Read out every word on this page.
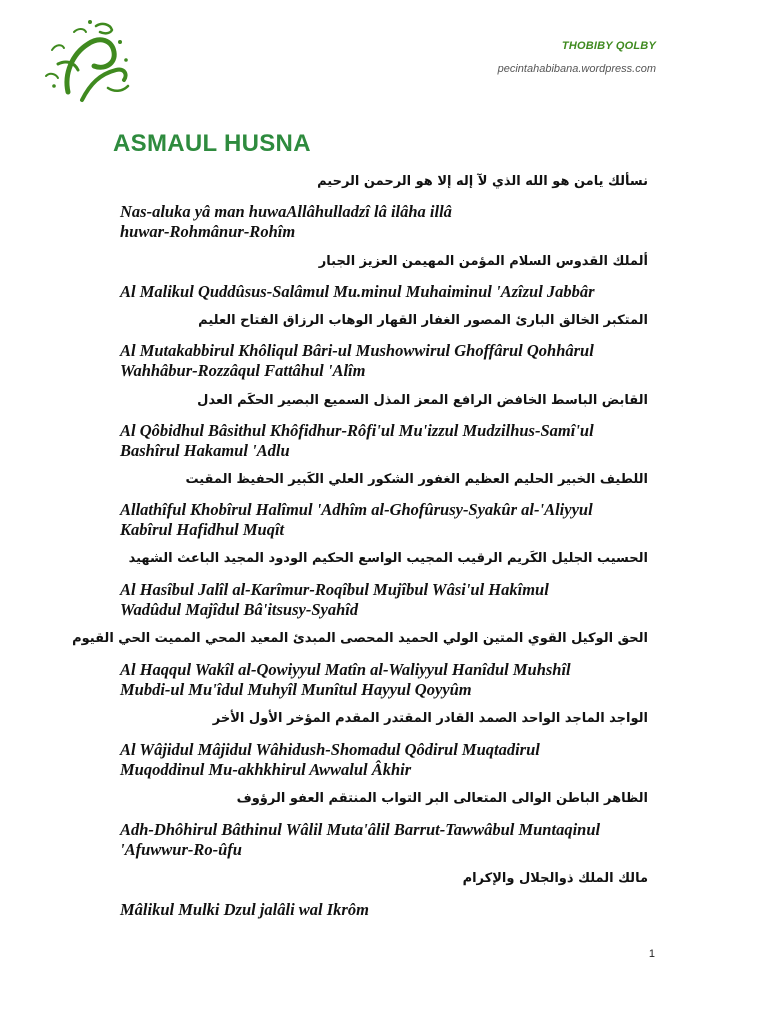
THOBIBY QOLBY
pecintahabibana.wordpress.com
ASMAUL HUSNA
نسألك يامن هو الله الذي لآ إله إلا هو الرحمن الرحيم
Nas-aluka yâ man huwaAllâhulladzî lâ ilâha illâ
huwar-Rohmânur-Rohîm
ألملك القدوس السلام المؤمن المهيمن العزيز الجبار
Al Malikul Quddûsus-Salâmul Mu.minul Muhaiminul 'Azîzul Jabbâr
المتكبر الخالق البارئ المصور الغفار القهار الوهاب الرزاق الفتاح العليم
Al Mutakabbirul Khôliqul Bâri-ul Mushowwirul Ghoffârul Qohhârul
Wahhâbur-Rozzâqul Fattâhul 'Alîm
القابض الباسط الخافض الرافع المعز المذل السميع البصير الحكَم العدل
Al Qôbidhul Bâsithul Khôfidhur-Rôfi'ul Mu'izzul Mudzilhus-Samî'ul
Bashîrul Hakamul 'Adlu
اللطيف الخبير الحليم العظيم الغفور الشكور العلي الكَبير الحفيظ المقيت
Allathîful Khobîrul Halîmul 'Adhîm al-Ghofûrusy-Syakûr al-'Aliyyul
Kabîrul Hafidhul Muqît
الحسيب الجليل الكَريم الرقيب المجيب الواسع الحكيم الودود المجيد الباعث الشهيد
Al Hasîbul Jalîl al-Karîmur-Roqîbul Mujîbul Wâsi'ul Hakîmul
Wadûdul Majîdul Bâ'itsusy-Syahîd
الحق الوكيل القوي المتين الولي الحميد المحصى المبدئ المعيد المحي المميت الحي القيوم
Al Haqqul Wakîl al-Qowiyyul Matîn al-Waliyyul Hanîdul Muhshîl
Mubdi-ul Mu'îdul Muhyîl Munîtul Hayyul Qoyyûm
الواجد الماجد الواحد الصمد القادر المقتدر المقدم المؤخر الأول الأخر
Al Wâjidul Mâjidul Wâhidush-Shomadul Qôdirul Muqtadirul
Muqoddinul Mu-akhkhirul Awwalul Âkhir
الظاهر الباطن الوالى المتعالى البر التواب المنتقم العفو الرؤوف
Adh-Dhôhirul Bâthinul Wâlil Muta'âlil Barrut-Tawwâbul Muntaqinul
'Afuwwur-Ro-ûfu
مالك الملك ذوالجلال والإكرام
Mâlikul Mulki Dzul jalâli wal Ikrôm
1
